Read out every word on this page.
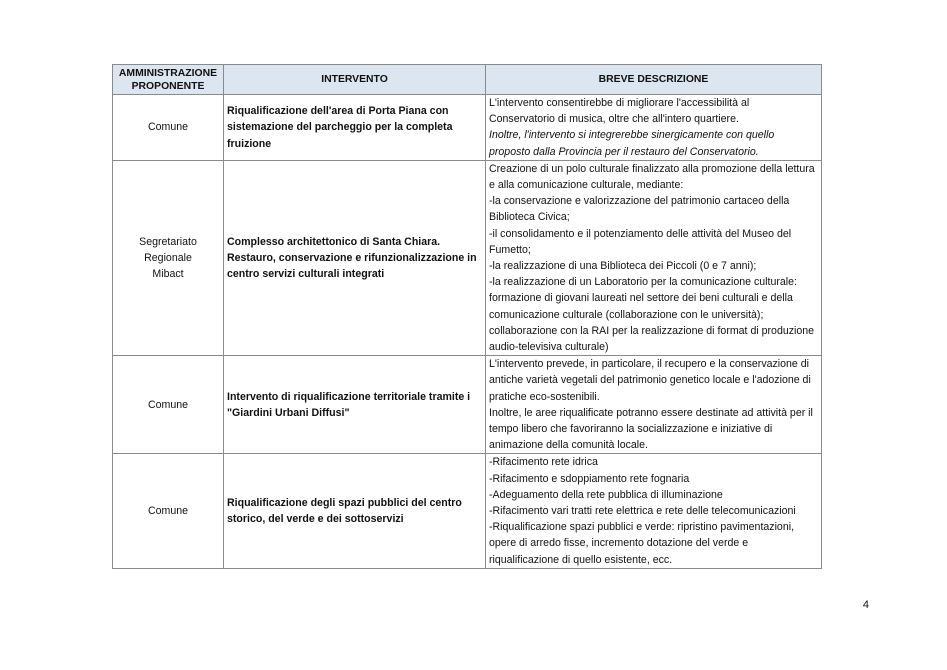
AMMINISTRAZIONE PROPONENTE	INTERVENTO	BREVE DESCRIZIONE
Comune	Riqualificazione dell'area di Porta Piana con sistemazione del parcheggio per la completa fruizione	L'intervento consentirebbe di migliorare l'accessibilità al Conservatorio di musica, oltre che all'intero quartiere.
Inoltre, l'intervento si integrerebbe sinergicamente con quello proposto dalla Provincia per il restauro del Conservatorio.

Segretariato Regionale Mibact	Complesso architettonico di Santa Chiara. Restauro, conservazione e rifunzionalizzazione in centro servizi culturali integrati	Creazione di un polo culturale finalizzato alla promozione della lettura e alla comunicazione culturale, mediante:
-la conservazione e valorizzazione del patrimonio cartaceo della Biblioteca Civica;
-il consolidamento e il potenziamento delle attività del Museo del Fumetto;
-la realizzazione di una Biblioteca dei Piccoli (0 e 7 anni);
-la realizzazione di un Laboratorio per la comunicazione culturale: formazione di giovani laureati nel settore dei beni culturali e della comunicazione culturale (collaborazione con le università); collaborazione con la RAI per la realizzazione di format di produzione audio-televisiva culturale)

Comune	Intervento di riqualificazione territoriale tramite i "Giardini Urbani Diffusi"	L'intervento prevede, in particolare, il recupero e la conservazione di antiche varietà vegetali del patrimonio genetico locale e l'adozione di pratiche eco-sostenibili.
Inoltre, le aree riqualificate potranno essere destinate ad attività per il tempo libero che favoriranno la socializzazione e iniziative di animazione della comunità locale.

Comune	Riqualificazione degli spazi pubblici del centro storico, del verde e dei sottoservizi	-Rifacimento rete idrica
-Rifacimento e sdoppiamento rete fognaria
-Adeguamento della rete pubblica di illuminazione
-Rifacimento vari tratti rete elettrica e rete delle telecomunicazioni
-Riqualificazione spazi pubblici e verde: ripristino pavimentazioni, opere di arredo fisse, incremento dotazione del verde e riqualificazione di quello esistente, ecc.
4
